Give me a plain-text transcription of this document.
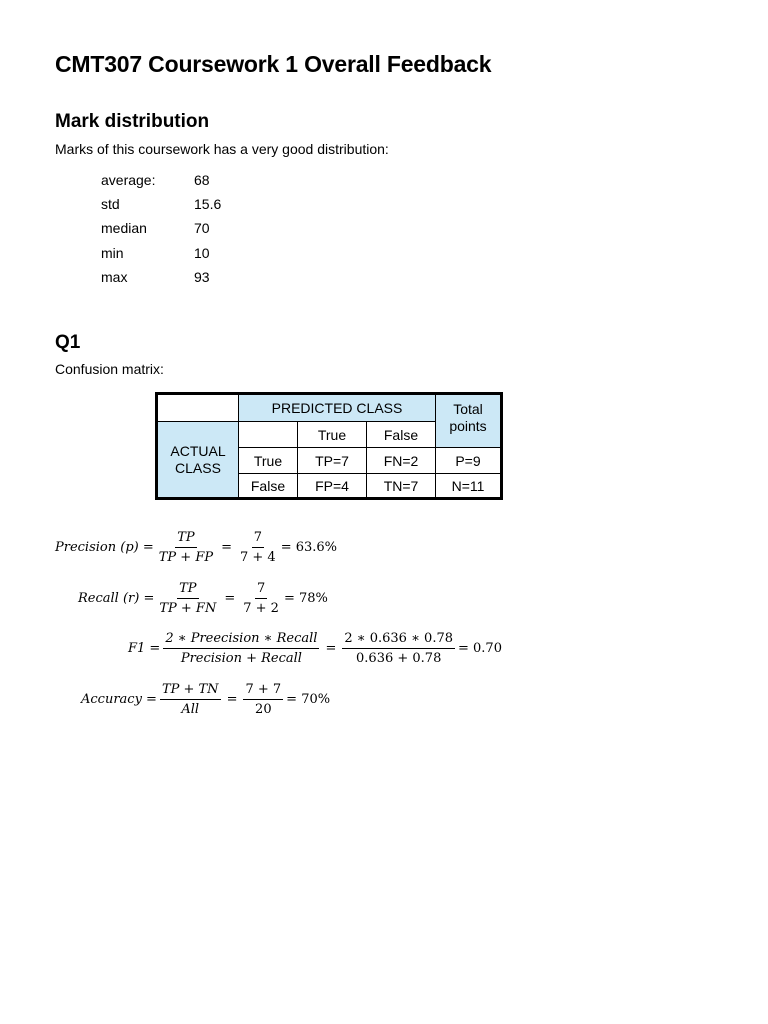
CMT307 Coursework 1 Overall Feedback
Mark distribution

Marks of this coursework has a very good distribution:

average:	68
std	15.6
median	70
min	10
max	93
Q1

Confusion matrix:

	PREDICTED CLASS			Total points
ACTUAL CLASS		True	False	
	True	TP=7	FN=2	P=9
	False	FP=4	TN=7	N=11
Precision $(p) = \frac{TP}{TP + FP} = \frac{7}{7 + 4} = 63.6\%$
Recall $(r) = \frac{TP}{TP + FN} = \frac{7}{7 + 2} = 78\%$
$F1 = \frac{\text{2 ∗ Preecision ∗ Recall}}{\text{Precision + Recall}} = \frac{2 ∗ 0.636 ∗ 0.78}{0.636 + 0.78} = 0.70$
Accuracy = $\frac{TP + TN}{\text{All}} = \frac{7 + 7}{20} = 70\%$
